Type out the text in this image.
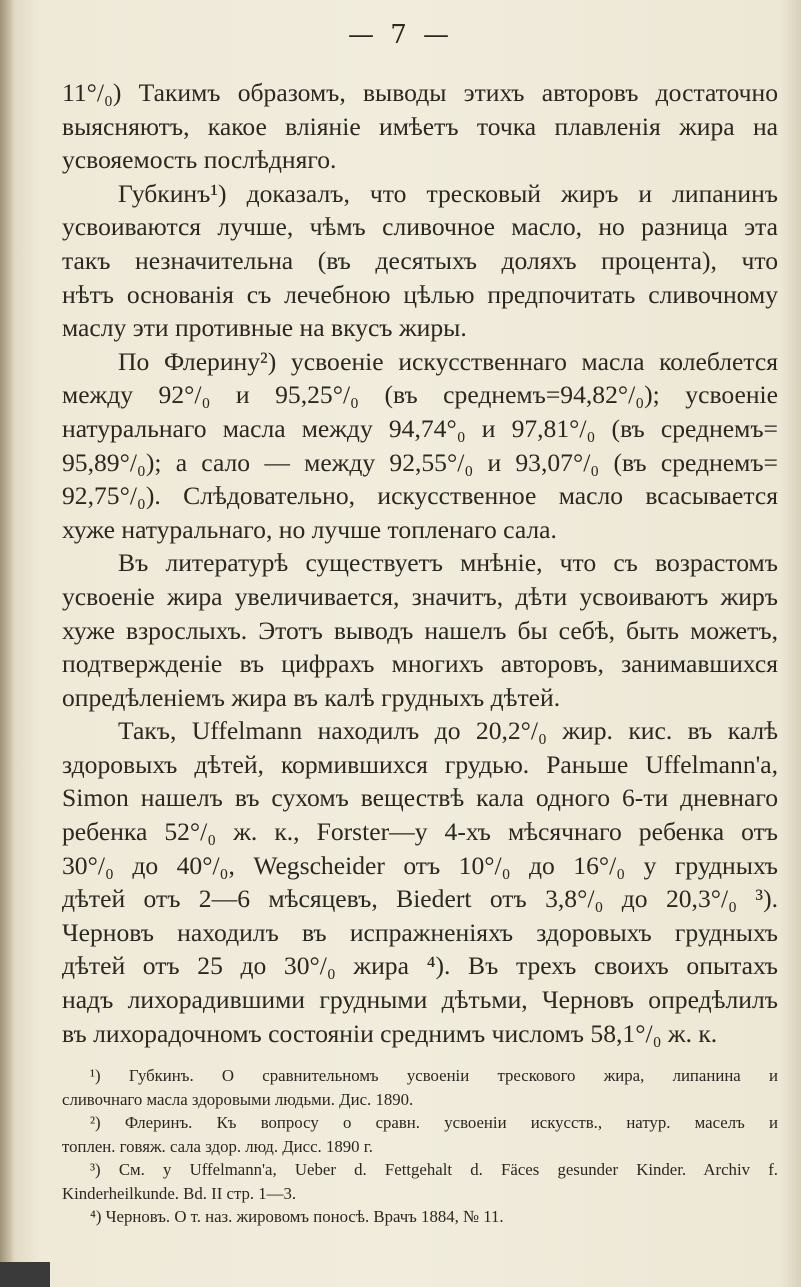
— 7 —
11°/₀) Такимъ образомъ, выводы этихъ авторовъ достаточно
выясняютъ, какое вліяніе имѣетъ точка плавленія жира на
усвояемость послѣдняго.
Губкинъ¹) доказалъ, что тресковый жиръ и липанинъ
усвоиваются лучше, чѣмъ сливочное масло, но разница эта
такъ незначительна (въ десятыхъ доляхъ процента), что
нѣтъ основанія съ лечебною цѣлью предпочитать сливочному
маслу эти противные на вкусъ жиры.
По Флерину²) усвоеніе искусственнаго масла колеблется
между 92°/₀ и 95,25°/₀ (въ среднемъ=94,82°/₀); усвоеніе
натуральнаго масла между 94,74°₀ и 97,81°/₀ (въ среднемъ=
95,89°/₀); а сало — между 92,55°/₀ и 93,07°/₀ (въ среднемъ=
92,75°/₀). Слѣдовательно, искусственное масло всасывается
хуже натуральнаго, но лучше топленаго сала.
Въ литературѣ существуетъ мнѣніе, что съ возрастомъ
усвоеніе жира увеличивается, значитъ, дѣти усвоиваютъ жиръ
хуже взрослыхъ. Этотъ выводъ нашелъ бы себѣ, быть можетъ,
подтвержденіе въ цифрахъ многихъ авторовъ, занимавшихся
опредѣленіемъ жира въ калѣ грудныхъ дѣтей.
Такъ, Uffelmann находилъ до 20,2°/₀ жир. кис. въ калѣ
здоровыхъ дѣтей, кормившихся грудью. Раньше Uffelmann'а,
Simon нашелъ въ сухомъ веществѣ кала одного 6-ти дневнаго
ребенка 52°/₀ ж. к., Forster—у 4-хъ мѣсячнаго ребенка отъ
30°/₀ до 40°/₀, Wegscheider отъ 10°/₀ до 16°/₀ у грудныхъ
дѣтей отъ 2—6 мѣсяцевъ, Biedert отъ 3,8°/₀ до 20,3°/₀ ³).
Черновъ находилъ въ испражненіяхъ здоровыхъ грудныхъ
дѣтей отъ 25 до 30°/₀ жира ⁴). Въ трехъ своихъ опытахъ
надъ лихорадившими грудными дѣтьми, Черновъ опредѣлилъ
въ лихорадочномъ состояніи среднимъ числомъ 58,1°/₀ ж. к.
¹) Губкинъ. О сравнительномъ усвоеніи трескового жира, липанина и
сливочнаго масла здоровыми людьми. Дис. 1890.
²) Флеринъ. Къ вопросу о сравн. усвоеніи искусств., натур. маселъ и
топлен. говяж. сала здор. люд. Дисс. 1890 г.
³) См. у Uffelmann'а, Ueber d. Fettgehalt d. Fäces gesunder Kinder. Archiv f.
Kinderheilkunde. Bd. II стр. 1—3.
⁴) Черновъ. О т. наз. жировомъ поносѣ. Врачъ 1884, № 11.
